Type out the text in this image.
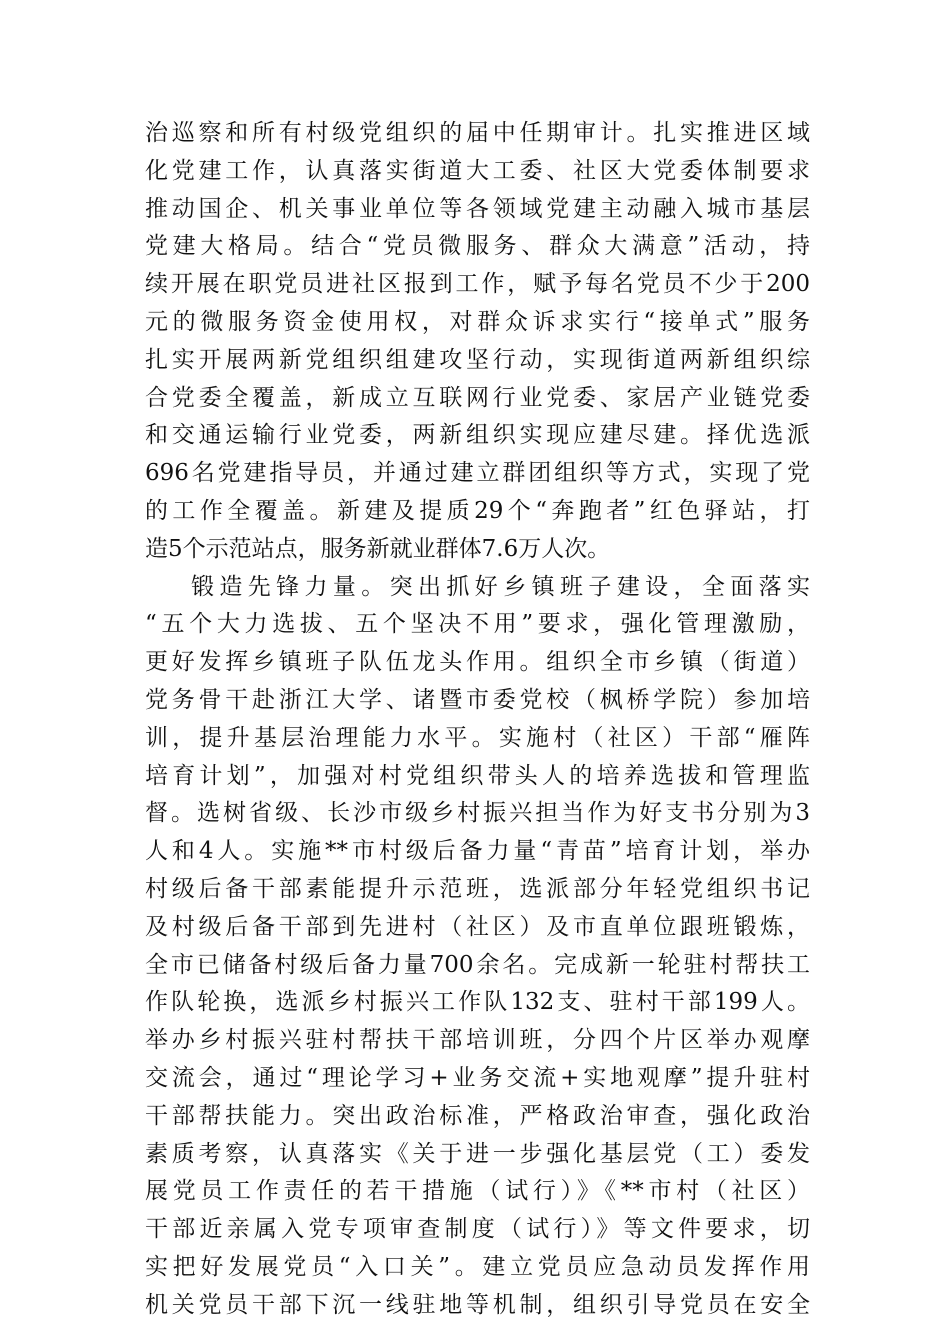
治巡察和所有村级党组织的届中任期审计。扎实推进区域
化党建工作，认真落实街道大工委、社区大党委体制要求
推动国企、机关事业单位等各领域党建主动融入城市基层
党建大格局。结合“党员微服务、群众大满意”活动，持
续开展在职党员进社区报到工作，赋予每名党员不少于200
元的微服务资金使用权，对群众诉求实行“接单式”服务
扎实开展两新党组织组建攻坚行动，实现街道两新组织综
合党委全覆盖，新成立互联网行业党委、家居产业链党委
和交通运输行业党委，两新组织实现应建尽建。择优选派
696名党建指导员，并通过建立群团组织等方式，实现了党
的工作全覆盖。新建及提质29个“奔跑者”红色驿站，打
造5个示范站点，服务新就业群体7.6万人次。
锻造先锋力量。突出抓好乡镇班子建设，全面落实
“五个大力选拔、五个坚决不用”要求，强化管理激励，
更好发挥乡镇班子队伍龙头作用。组织全市乡镇（街道）
党务骨干赴浙江大学、诸暨市委党校（枫桥学院）参加培
训，提升基层治理能力水平。实施村（社区）干部“雁阵
培育计划”，加强对村党组织带头人的培养选拔和管理监
督。选树省级、长沙市级乡村振兴担当作为好支书分别为3
人和4人。实施**市村级后备力量“青苗”培育计划，举办
村级后备干部素能提升示范班，选派部分年轻党组织书记
及村级后备干部到先进村（社区）及市直单位跟班锻炼，
全市已储备村级后备力量700余名。完成新一轮驻村帮扶工
作队轮换，选派乡村振兴工作队132支、驻村干部199人。
举办乡村振兴驻村帮扶干部培训班，分四个片区举办观摩
交流会，通过“理论学习+业务交流+实地观摩”提升驻村
干部帮扶能力。突出政治标准，严格政治审查，强化政治
素质考察，认真落实《关于进一步强化基层党（工）委发
展党员工作责任的若干措施（试行）》《**市村（社区）
干部近亲属入党专项审查制度（试行）》等文件要求，切
实把好发展党员“入口关”。建立党员应急动员发挥作用
机关党员干部下沉一线驻地等机制，组织引导党员在安全
